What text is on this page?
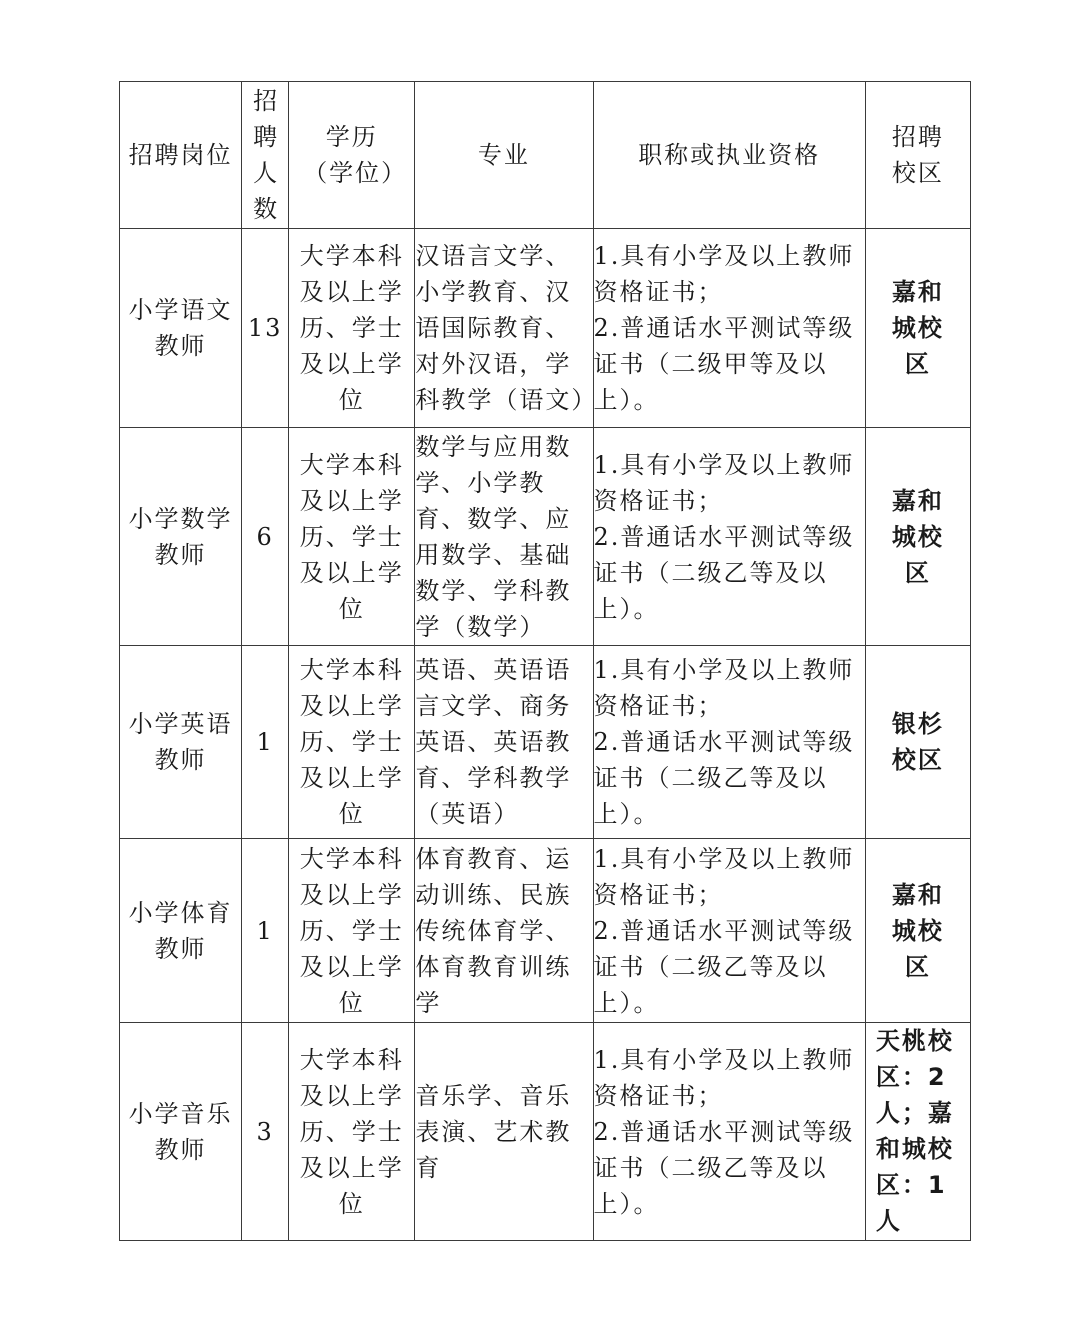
招聘岗位	招聘人数	学历（学位）	专业	职称或执业资格	招聘校区
小学语文教师	13	大学本科及以上学历、学士及以上学位	汉语言文学、小学教育、汉语国际教育、对外汉语，学科教学（语文）	1.具有小学及以上教师资格证书；
2.普通话水平测试等级证书（二级甲等及以上）。	嘉和城校区
小学数学教师	6	大学本科及以上学历、学士及以上学位	数学与应用数学、小学教育、数学、应用数学、基础数学、学科教学（数学）	1.具有小学及以上教师资格证书；
2.普通话水平测试等级证书（二级乙等及以上）。	嘉和城校区
小学英语教师	1	大学本科及以上学历、学士及以上学位	英语、英语语言文学、商务英语、英语教育、学科教学（英语）	1.具有小学及以上教师资格证书；
2.普通话水平测试等级证书（二级乙等及以上）。	银杉校区
小学体育教师	1	大学本科及以上学历、学士及以上学位	体育教育、运动训练、民族传统体育学、体育教育训练学	1.具有小学及以上教师资格证书；
2.普通话水平测试等级证书（二级乙等及以上）。	嘉和城校区
小学音乐教师	3	大学本科及以上学历、学士及以上学位	音乐学、音乐表演、艺术教育	1.具有小学及以上教师资格证书；
2.普通话水平测试等级证书（二级乙等及以上）。	天桃校区：2人；嘉和城校区：1人
